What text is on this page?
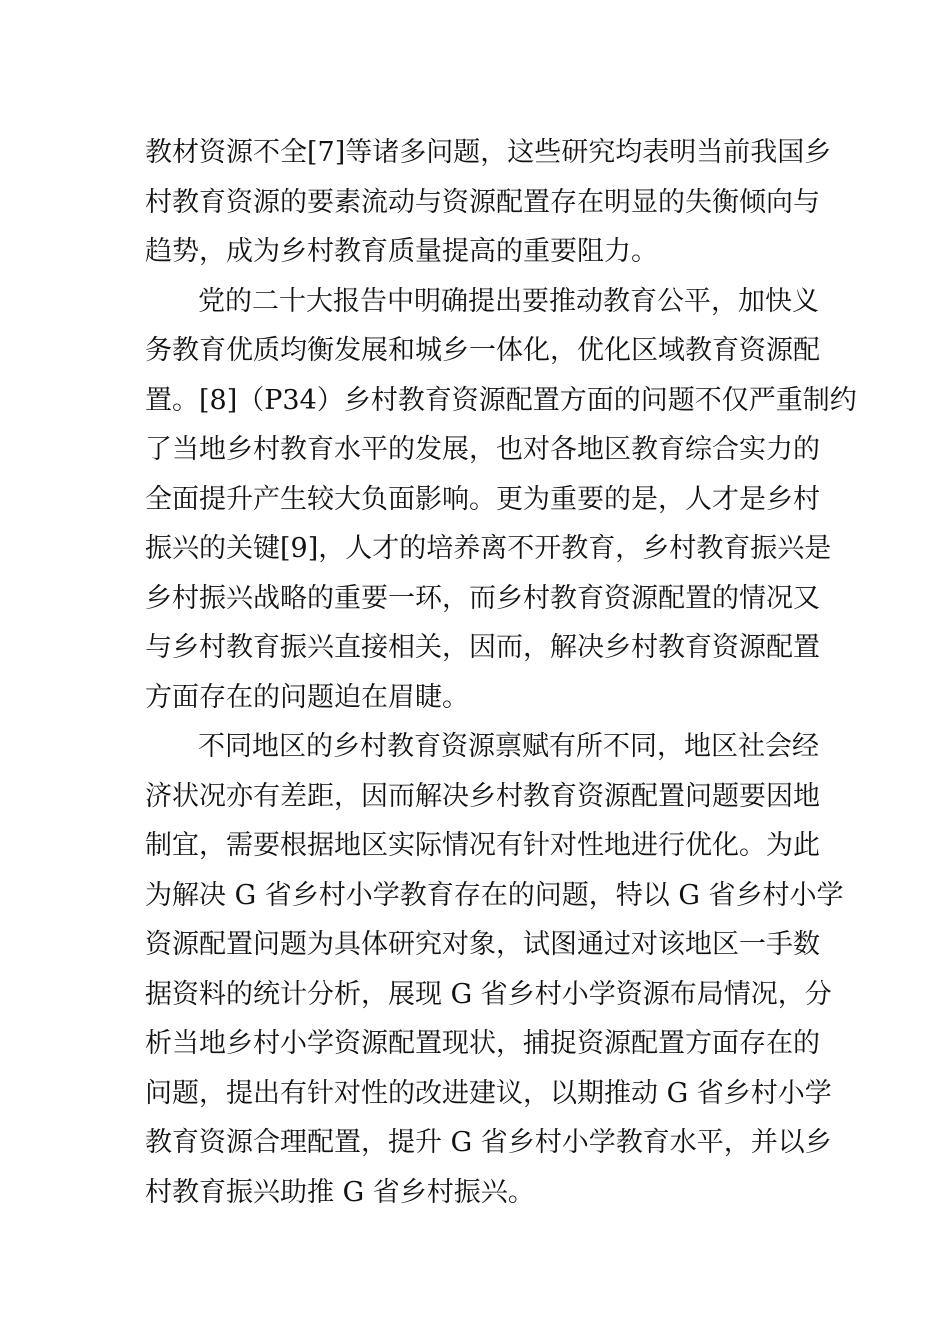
教材资源不全[7]等诸多问题，这些研究均表明当前我国乡
村教育资源的要素流动与资源配置存在明显的失衡倾向与
趋势，成为乡村教育质量提高的重要阻力。
党的二十大报告中明确提出要推动教育公平，加快义
务教育优质均衡发展和城乡一体化，优化区域教育资源配
置。[8]（P34）乡村教育资源配置方面的问题不仅严重制约
了当地乡村教育水平的发展，也对各地区教育综合实力的
全面提升产生较大负面影响。更为重要的是，人才是乡村
振兴的关键[9]，人才的培养离不开教育，乡村教育振兴是
乡村振兴战略的重要一环，而乡村教育资源配置的情况又
与乡村教育振兴直接相关，因而，解决乡村教育资源配置
方面存在的问题迫在眉睫。
不同地区的乡村教育资源禀赋有所不同，地区社会经
济状况亦有差距，因而解决乡村教育资源配置问题要因地
制宜，需要根据地区实际情况有针对性地进行优化。为此
为解决 G 省乡村小学教育存在的问题，特以 G 省乡村小学
资源配置问题为具体研究对象，试图通过对该地区一手数
据资料的统计分析，展现 G 省乡村小学资源布局情况，分
析当地乡村小学资源配置现状，捕捉资源配置方面存在的
问题，提出有针对性的改进建议，以期推动 G 省乡村小学
教育资源合理配置，提升 G 省乡村小学教育水平，并以乡
村教育振兴助推 G 省乡村振兴。
